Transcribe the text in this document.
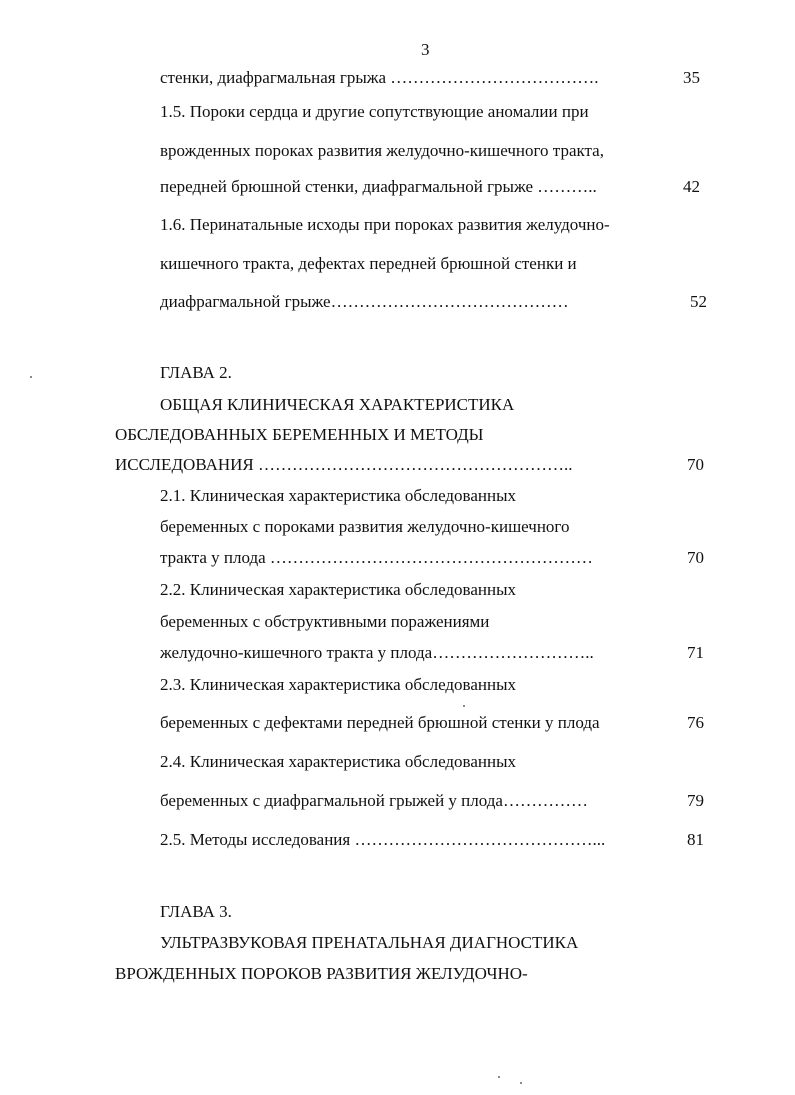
3
стенки, диафрагмальная грыжа ……………………………….	35
1.5. Пороки сердца и другие сопутствующие аномалии при
врожденных пороках развития желудочно-кишечного тракта,
передней брюшной стенки, диафрагмальной грыже ………..	42
1.6. Перинатальные исходы при пороках развития желудочно-
кишечного тракта, дефектах передней брюшной стенки и
диафрагмальной грыже……………………………………	52
ГЛАВА 2.
ОБЩАЯ КЛИНИЧЕСКАЯ ХАРАКТЕРИСТИКА
ОБСЛЕДОВАННЫХ БЕРЕМЕННЫХ И МЕТОДЫ
ИССЛЕДОВАНИЯ ………………………………………………..	70
2.1. Клиническая характеристика обследованных
беременных с пороками развития желудочно-кишечного
тракта у плода …………………………………………………	70
2.2. Клиническая характеристика обследованных
беременных с обструктивными поражениями
желудочно-кишечного тракта у плода………………………..	71
2.3. Клиническая характеристика обследованных
беременных с дефектами передней брюшной стенки у плода	76
2.4. Клиническая характеристика обследованных
беременных с диафрагмальной грыжей у плода……………	79
2.5. Методы исследования ……………………………………...	81
ГЛАВА 3.
УЛЬТРАЗВУКОВАЯ ПРЕНАТАЛЬНАЯ ДИАГНОСТИКА
ВРОЖДЕННЫХ ПОРОКОВ РАЗВИТИЯ ЖЕЛУДОЧНО-
